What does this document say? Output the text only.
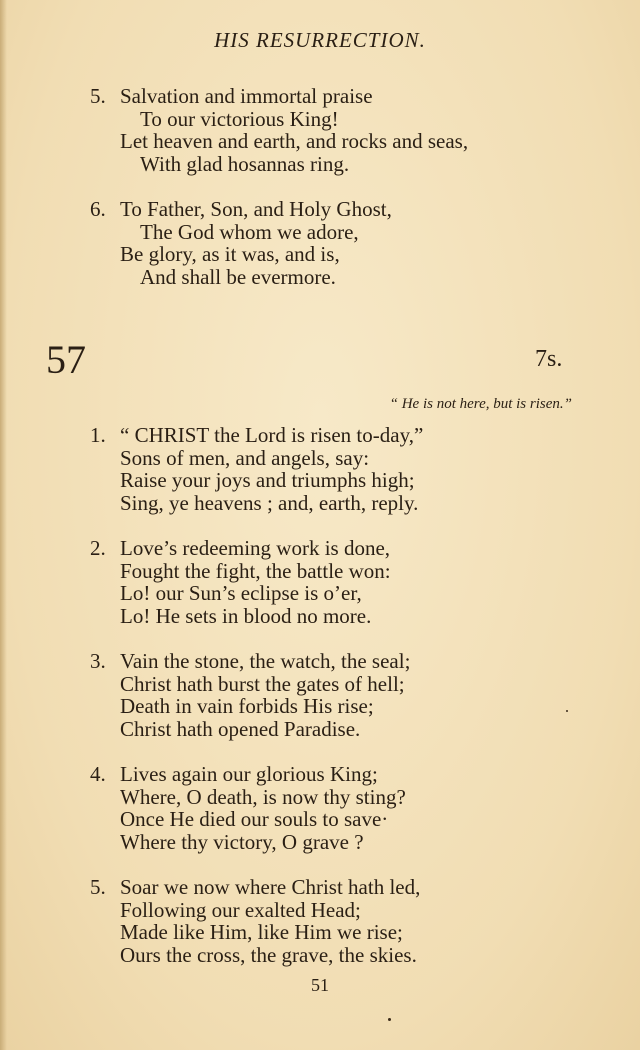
HIS RESURRECTION.
5. Salvation and immortal praise
To our victorious King!
Let heaven and earth, and rocks and seas,
With glad hosannas ring.
6. To Father, Son, and Holy Ghost,
The God whom we adore,
Be glory, as it was, and is,
And shall be evermore.
57	7s.
“ He is not here, but is risen.”
1. “ CHRIST the Lord is risen to-day,”
Sons of men, and angels, say:
Raise your joys and triumphs high;
Sing, ye heavens ; and, earth, reply.
2. Love’s redeeming work is done,
Fought the fight, the battle won:
Lo! our Sun’s eclipse is o’er,
Lo! He sets in blood no more.
3. Vain the stone, the watch, the seal;
Christ hath burst the gates of hell;
Death in vain forbids His rise;
Christ hath opened Paradise.
4. Lives again our glorious King;
Where, O death, is now thy sting?
Once He died our souls to save·
Where thy victory, O grave ?
5. Soar we now where Christ hath led,
Following our exalted Head;
Made like Him, like Him we rise;
Ours the cross, the grave, the skies.
51
